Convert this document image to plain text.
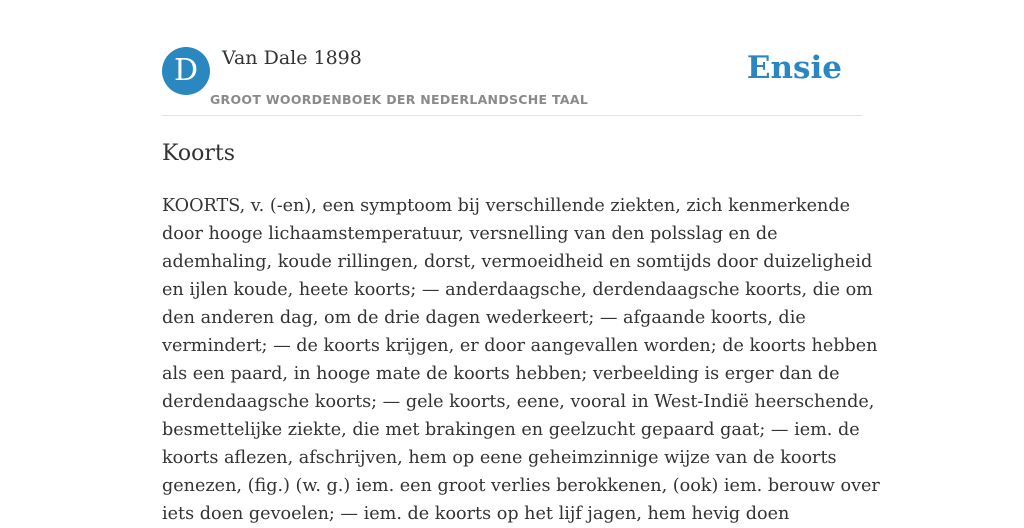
D	Van Dale 1898
GROOT WOORDENBOEK DER NEDERLANDSCHE TAAL
Ensie
Koorts
KOORTS, v. (-en), een symptoom bij verschillende ziekten, zich kenmerkende
door hooge lichaamstemperatuur, versnelling van den polsslag en de
ademhaling, koude rillingen, dorst, vermoeidheid en somtijds door duizeligheid
en ijlen koude, heete koorts; — anderdaagsche, derdendaagsche koorts, die om
den anderen dag, om de drie dagen wederkeert; — afgaande koorts, die
vermindert; — de koorts krijgen, er door aangevallen worden; de koorts hebben
als een paard, in hooge mate de koorts hebben; verbeelding is erger dan de
derdendaagsche koorts; — gele koorts, eene, vooral in West-Indië heerschende,
besmettelijke ziekte, die met brakingen en geelzucht gepaard gaat; — iem. de
koorts aflezen, afschrijven, hem op eene geheimzinnige wijze van de koorts
genezen, (fig.) (w. g.) iem. een groot verlies berokkenen, (ook) iem. berouw over
iets doen gevoelen; — iem. de koorts op het lijf jagen, hem hevig doen
